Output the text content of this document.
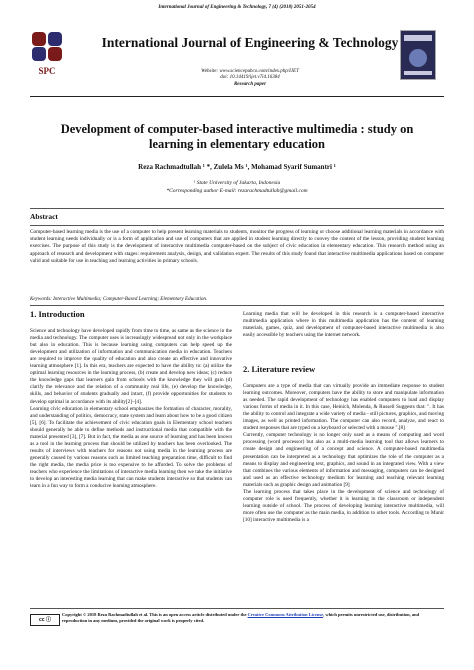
International Journal of Engineering & Technology, 7 (4) (2018) 2051-2054
SPC
International Journal of Engineering & Technology
Website: www.sciencepubco.com/index.php/IJET
doi: 10.14419/ijet.v7i4.16384
Research paper
Development of computer-based interactive multimedia : study on learning in elementary education
Reza Rachmadtullah ¹ *, Zulela Ms ¹, Mohamad Syarif Sumantri ¹
¹ State University of Jakarta, Indonesia
*Corresponding author E-mail: rezarachmadtullah@gmail.com
Abstract
Computer-based learning media is the use of a computer to help present learning materials to students, monitor the progress of learning or choose additional learning materials in accordance with student learning needs individually or is a form of application and use of computers that are applied in student learning directly to convey the content of the lesson, providing student learning exercises. The purpose of this study is the development of interactive multimedia computer-based on the subject of civic education in elementary education. This research method using an approach of research and development with stages: requirement analysis, design, and validation expert. The results of this study found that interactive multimedia applications based on computer valid and suitable for use in teaching and learning activities in primary schools.
Keywords: Interactive Multimedia; Computer-Based Learning; Elementary Education.
1. Introduction

Science and technology have developed rapidly from time to time, as same as the science in the media and technology. The computer uses is increasingly widespread not only in the workplace but also in education. This is because learning using computers can help speed up the development and utilization of information and communication media in education. Teachers are required to improve the quality of education and also create an effective and innovative learning atmosphere [1]. In this era, teachers are expected to have the ability to: (a) utilize the optimal learning resources in the learning process, (b) create and develop new ideas; (c) reduce the knowledge gaps that learners gain from schools with the knowledge they will gain (d) clarify the relevance and the relation of a community real life, (e) develop the knowledge, skills, and behavior of students gradually and intact, (f) provide opportunities for students to develop optimal in accordance with its ability[2]–[4].

Learning civic education in elementary school emphasizes the formation of character, morality, and understanding of politics, democracy, state system and learn about how to be a good citizen [5], [6]. To facilitate the achievement of civic education goals in Elementary school teachers should generally be able to define methods and instructional media that compatible with the material presented [3], [7]. But in fact, the media as one source of learning and has been known as a tool in the learning process that should be utilized by teachers has been overlooked. The results of interviews with teachers for reasons not using media in the learning process are generally caused by various reasons such as limited teaching preparation time, difficult to find the right media, the media price is too expensive to be afforded. To solve the problems of teachers who experience the limitations of interactive media learning then we take the initiative to develop an interesting media learning that can make students interactive so that students can learn in a fun way to form a conducive learning atmosphere.

Learning media that will be developed in this research is a computer-based interactive multimedia application where in this multimedia application has the content of learning materials, games, quiz, and development of computer-based interactive multimedia is also easily accessible by teachers using the internet network.

2. Literature review

Computers are a type of media that can virtually provide an immediate response to student learning outcomes. Moreover, computers have the ability to store and manipulate information as needed. The rapid development of technology has enabled computers to load and display various forms of media in it. In this case, Heinich, Molenda, & Russell Suggests that: ". It has the ability to control and integrate a wide variety of media - still pictures, graphics, and moving images, as well as printed information. The computer can also record, analyze, and react to student responses that are typed on a keyboard or selected with a mouse ".[8]

Currently, computer technology is no longer only used as a means of computing and word processing (word processor) but also as a multi-media learning tool that allows learners to create design and engineering of a concept and science. A computer-based multimedia presentation can be interpreted as a technology that optimizes the role of the computer as a means to display and engineering text, graphics, and sound in an integrated view. With a view that combines the various elements of information and messaging, computers can be designed and used as an effective technology medium for learning and teaching relevant learning materials such as graphic design and animation [9]

The learning process that takes place in the development of science and technology of computer role is used frequently, whether it is learning in the classroom or independent learning outside of school. The process of developing learning interactive multimedia, will more often use the computer as the main media, in addition to other tools. According to Munir [10] interactive multimedia is a

cc ⓘ
Copyright © 2018 Reza Rachmadtullah et al. This is an open access article distributed under the Creative Commons Attribution License, which permits unrestricted use, distribution, and reproduction in any medium, provided the original work is properly cited.
